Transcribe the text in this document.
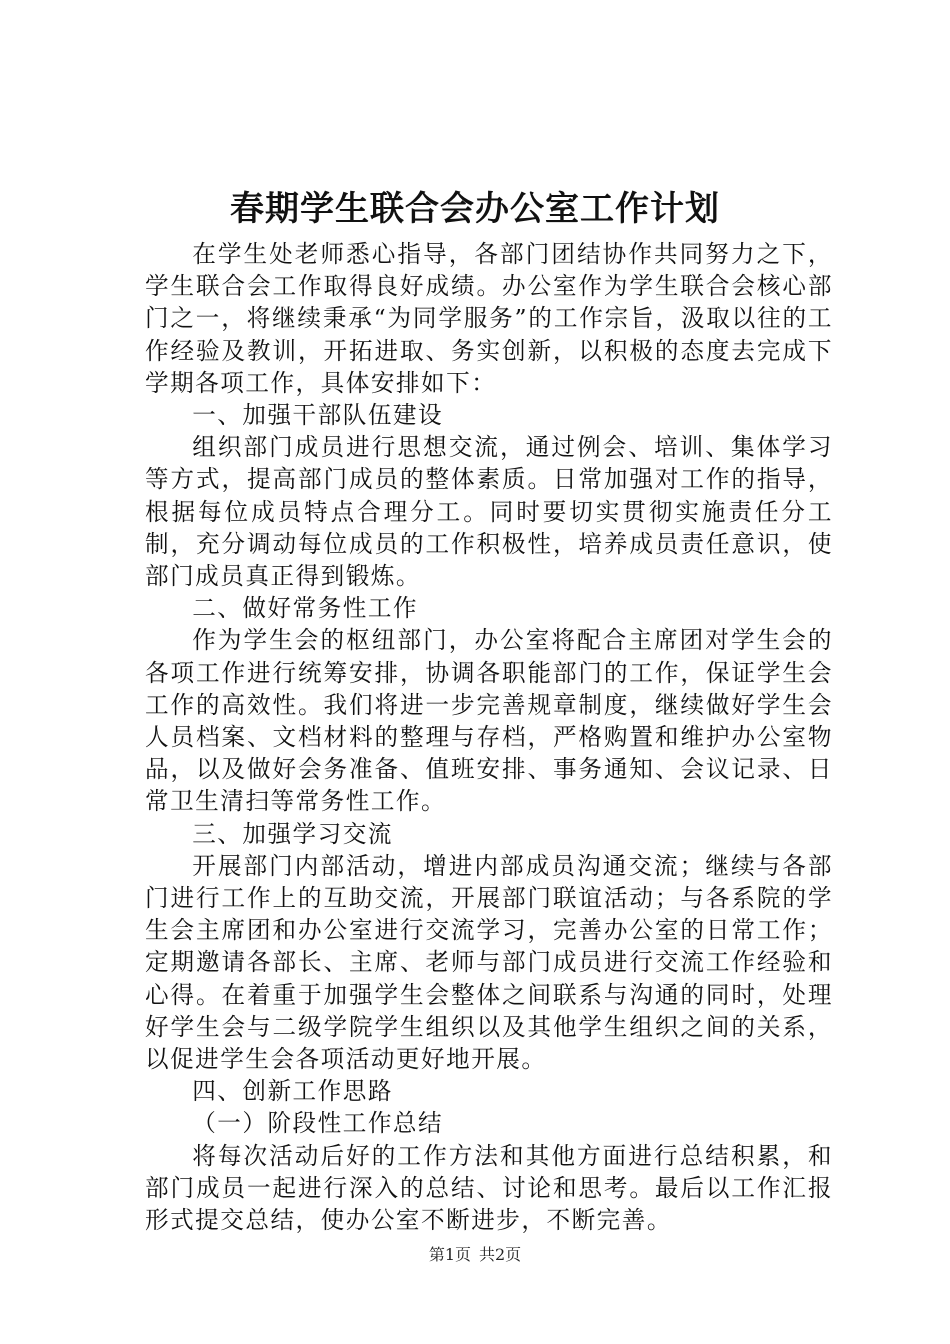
春期学生联合会办公室工作计划

在学生处老师悉心指导，各部门团结协作共同努力之下，学生联合会工作取得良好成绩。办公室作为学生联合会核心部门之一，将继续秉承“为同学服务”的工作宗旨，汲取以往的工作经验及教训，开拓进取、务实创新，以积极的态度去完成下学期各项工作，具体安排如下：

一、加强干部队伍建设

组织部门成员进行思想交流，通过例会、培训、集体学习等方式，提高部门成员的整体素质。日常加强对工作的指导，根据每位成员特点合理分工。同时要切实贯彻实施责任分工制，充分调动每位成员的工作积极性，培养成员责任意识，使部门成员真正得到锻炼。

二、做好常务性工作

作为学生会的枢纽部门，办公室将配合主席团对学生会的各项工作进行统筹安排，协调各职能部门的工作，保证学生会工作的高效性。我们将进一步完善规章制度，继续做好学生会人员档案、文档材料的整理与存档，严格购置和维护办公室物品，以及做好会务准备、值班安排、事务通知、会议记录、日常卫生清扫等常务性工作。

三、加强学习交流

开展部门内部活动，增进内部成员沟通交流；继续与各部门进行工作上的互助交流，开展部门联谊活动；与各系院的学生会主席团和办公室进行交流学习，完善办公室的日常工作；定期邀请各部长、主席、老师与部门成员进行交流工作经验和心得。在着重于加强学生会整体之间联系与沟通的同时，处理好学生会与二级学院学生组织以及其他学生组织之间的关系，以促进学生会各项活动更好地开展。

四、创新工作思路

（一）阶段性工作总结

将每次活动后好的工作方法和其他方面进行总结积累，和部门成员一起进行深入的总结、讨论和思考。最后以工作汇报形式提交总结，使办公室不断进步，不断完善。

第1页 共2页
